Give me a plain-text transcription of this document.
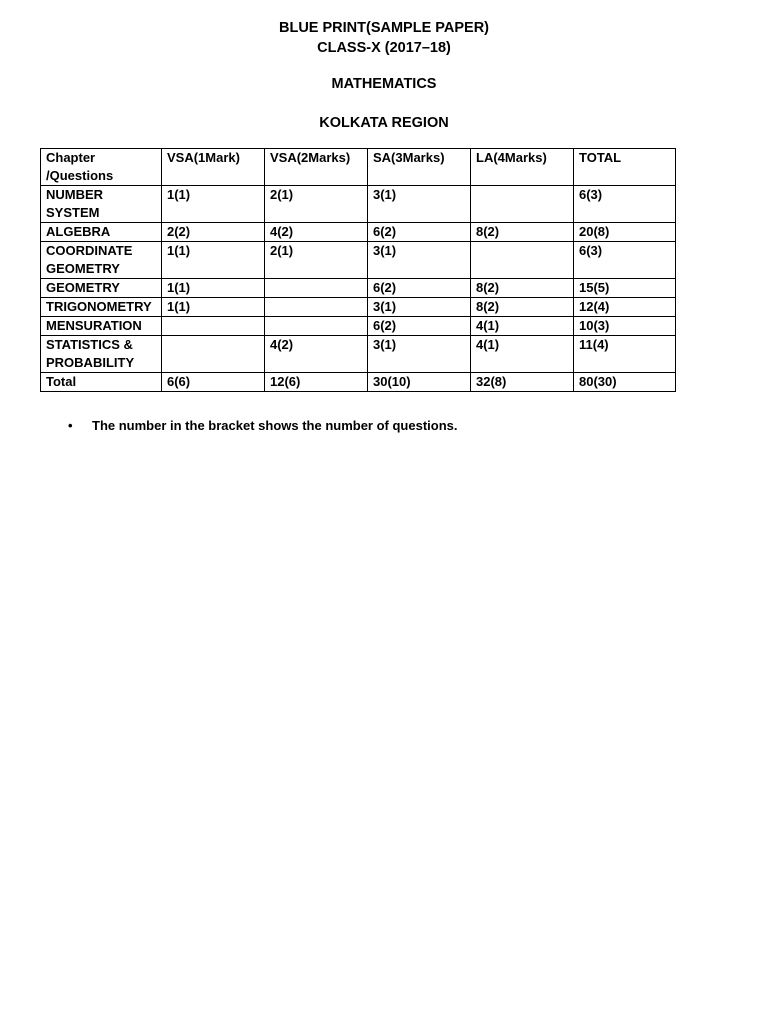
BLUE PRINT(SAMPLE PAPER)
CLASS-X (2017–18)
MATHEMATICS
KOLKATA REGION
Chapter /Questions	VSA(1Mark)	VSA(2Marks)	SA(3Marks)	LA(4Marks)	TOTAL
NUMBER SYSTEM	1(1)	2(1)	3(1)		6(3)
ALGEBRA	2(2)	4(2)	6(2)	8(2)	20(8)
COORDINATE GEOMETRY	1(1)	2(1)	3(1)		6(3)
GEOMETRY	1(1)		6(2)	8(2)	15(5)
TRIGONOMETRY	1(1)		3(1)	8(2)	12(4)
MENSURATION			6(2)	4(1)	10(3)
STATISTICS & PROBABILITY		4(2)	3(1)	4(1)	11(4)
Total	6(6)	12(6)	30(10)	32(8)	80(30)
• The number in the bracket shows the number of questions.
